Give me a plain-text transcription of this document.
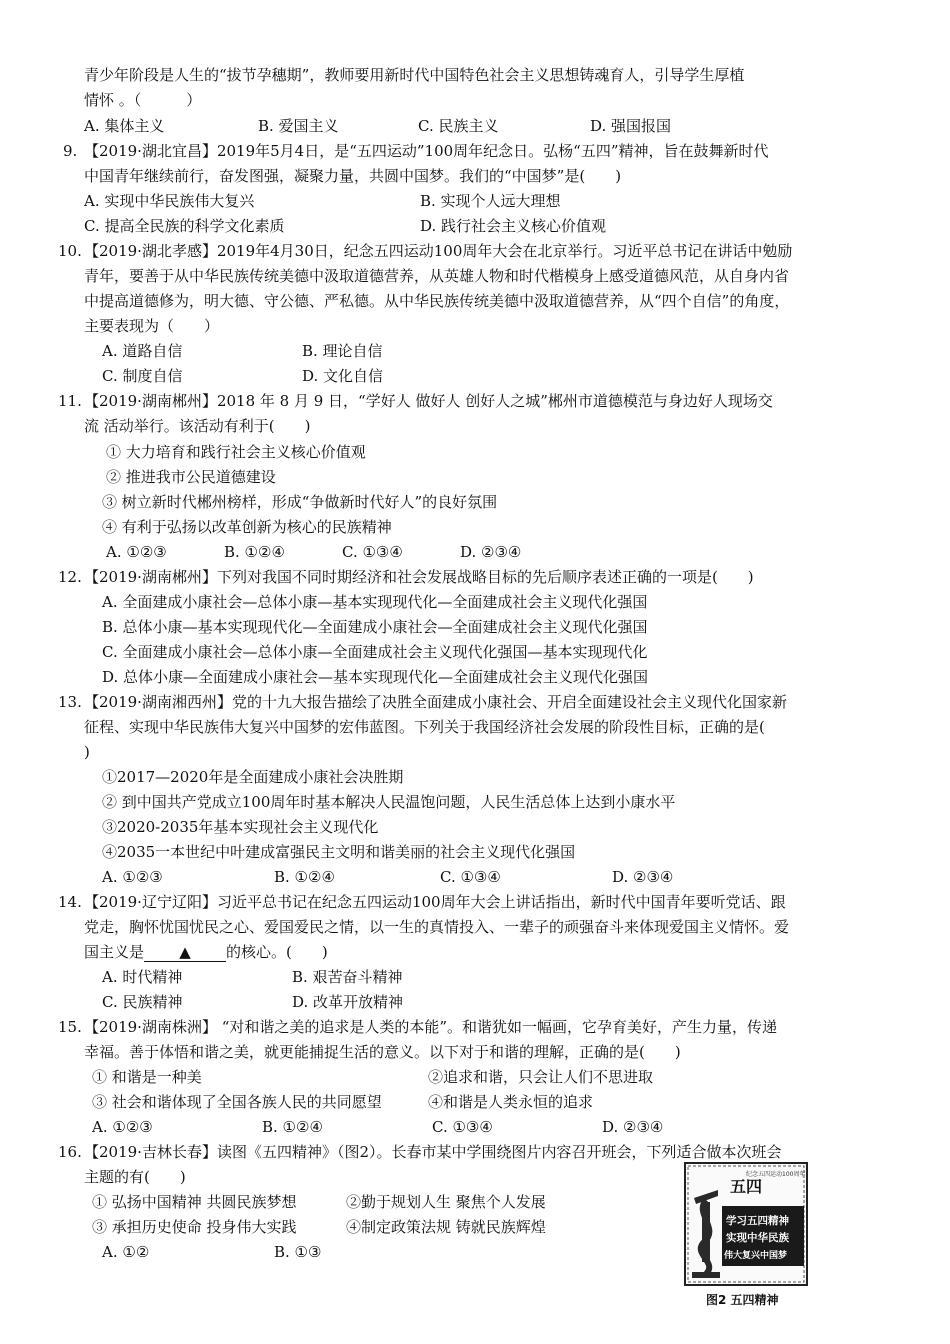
青少年阶段是人生的“拔节孕穗期”，教师要用新时代中国特色社会主义思想铸魂育人，引导学生厚植
情怀 。（　　　）
A. 集体主义	B. 爱国主义	C. 民族主义	D. 强国报国
9. 【2019·湖北宜昌】2019年5月4日，是“五四运动”100周年纪念日。弘杨“五四”精神，旨在鼓舞新时代
中国青年继续前行，奋发图强，凝聚力量，共圆中国梦。我们的“中国梦”是(　　)
A. 实现中华民族伟大复兴	B. 实现个人远大理想
C. 提高全民族的科学文化素质	D. 践行社会主义核心价值观
10. 【2019·湖北孝感】2019年4月30日，纪念五四运动100周年大会在北京举行。习近平总书记在讲话中勉励
青年，要善于从中华民族传统美德中汲取道德营养，从英雄人物和时代楷模身上感受道德风范，从自身内省
中提高道德修为，明大德、守公德、严私德。从中华民族传统美德中汲取道德营养，从“四个自信”的角度，
主要表现为（　　）
A. 道路自信	B. 理论自信
C. 制度自信	D. 文化自信
11. 【2019·湖南郴州】2018 年 8 月 9 日，“学好人 做好人 创好人之城”郴州市道德模范与身边好人现场交
流 活动举行。该活动有利于(　　)
① 大力培育和践行社会主义核心价值观
② 推进我市公民道德建设
③ 树立新时代郴州榜样，形成“争做新时代好人”的良好氛围
④ 有利于弘扬以改革创新为核心的民族精神
A. ①②③	B. ①②④	C. ①③④	D. ②③④
12. 【2019·湖南郴州】下列对我国不同时期经济和社会发展战略目标的先后顺序表述正确的一项是(　　)
A. 全面建成小康社会—总体小康—基本实现现代化—全面建成社会主义现代化强国
B. 总体小康—基本实现现代化—全面建成小康社会—全面建成社会主义现代化强国
C. 全面建成小康社会—总体小康—全面建成社会主义现代化强国—基本实现现代化
D. 总体小康—全面建成小康社会—基本实现现代化—全面建成社会主义现代化强国
13. 【2019·湖南湘西州】党的十九大报告描绘了决胜全面建成小康社会、开启全面建设社会主义现代化国家新
征程、实现中华民族伟大复兴中国梦的宏伟蓝图。下列关于我国经济社会发展的阶段性目标，正确的是(
)
①2017—2020年是全面建成小康社会决胜期
② 到中国共产党成立100周年时基本解决人民温饱问题，人民生活总体上达到小康水平
③2020-2035年基本实现社会主义现代化
④2035一本世纪中叶建成富强民主文明和谐美丽的社会主义现代化强国
A. ①②③	B. ①②④	C. ①③④	D. ②③④
14. 【2019·辽宁辽阳】习近平总书记在纪念五四运动100周年大会上讲话指出，新时代中国青年要听党话、跟
党走，胸怀忧国忧民之心、爱国爱民之情，以一生的真情投入、一辈子的顽强奋斗来体现爱国主义情怀。爱
国主义是 ▲ 的核心。(　　)
A. 时代精神	B. 艰苦奋斗精神
C. 民族精神	D. 改革开放精神
15. 【2019·湖南株洲】 “对和谐之美的追求是人类的本能”。和谐犹如一幅画，它孕育美好，产生力量，传递
幸福。善于体悟和谐之美，就更能捕捉生活的意义。以下对于和谐的理解，正确的是(　　)
① 和谐是一种美	②追求和谐，只会让人们不思进取
③ 社会和谐体现了全国各族人民的共同愿望	④和谐是人类永恒的追求
A. ①②③	B. ①②④	C. ①③④	D. ②③④
16. 【2019·吉林长春】读图《五四精神》（图2）。长春市某中学围绕图片内容召开班会，下列适合做本次班会
主题的有(　　)
① 弘扬中国精神 共圆民族梦想	②勤于规划人生 聚焦个人发展
③ 承担历史使命 投身伟大实践	④制定政策法规 铸就民族辉煌
A. ①②	B. ①③
纪念五四运动100周年
五四
学习五四精神
实现中华民族
伟大复兴中国梦
图2 五四精神
